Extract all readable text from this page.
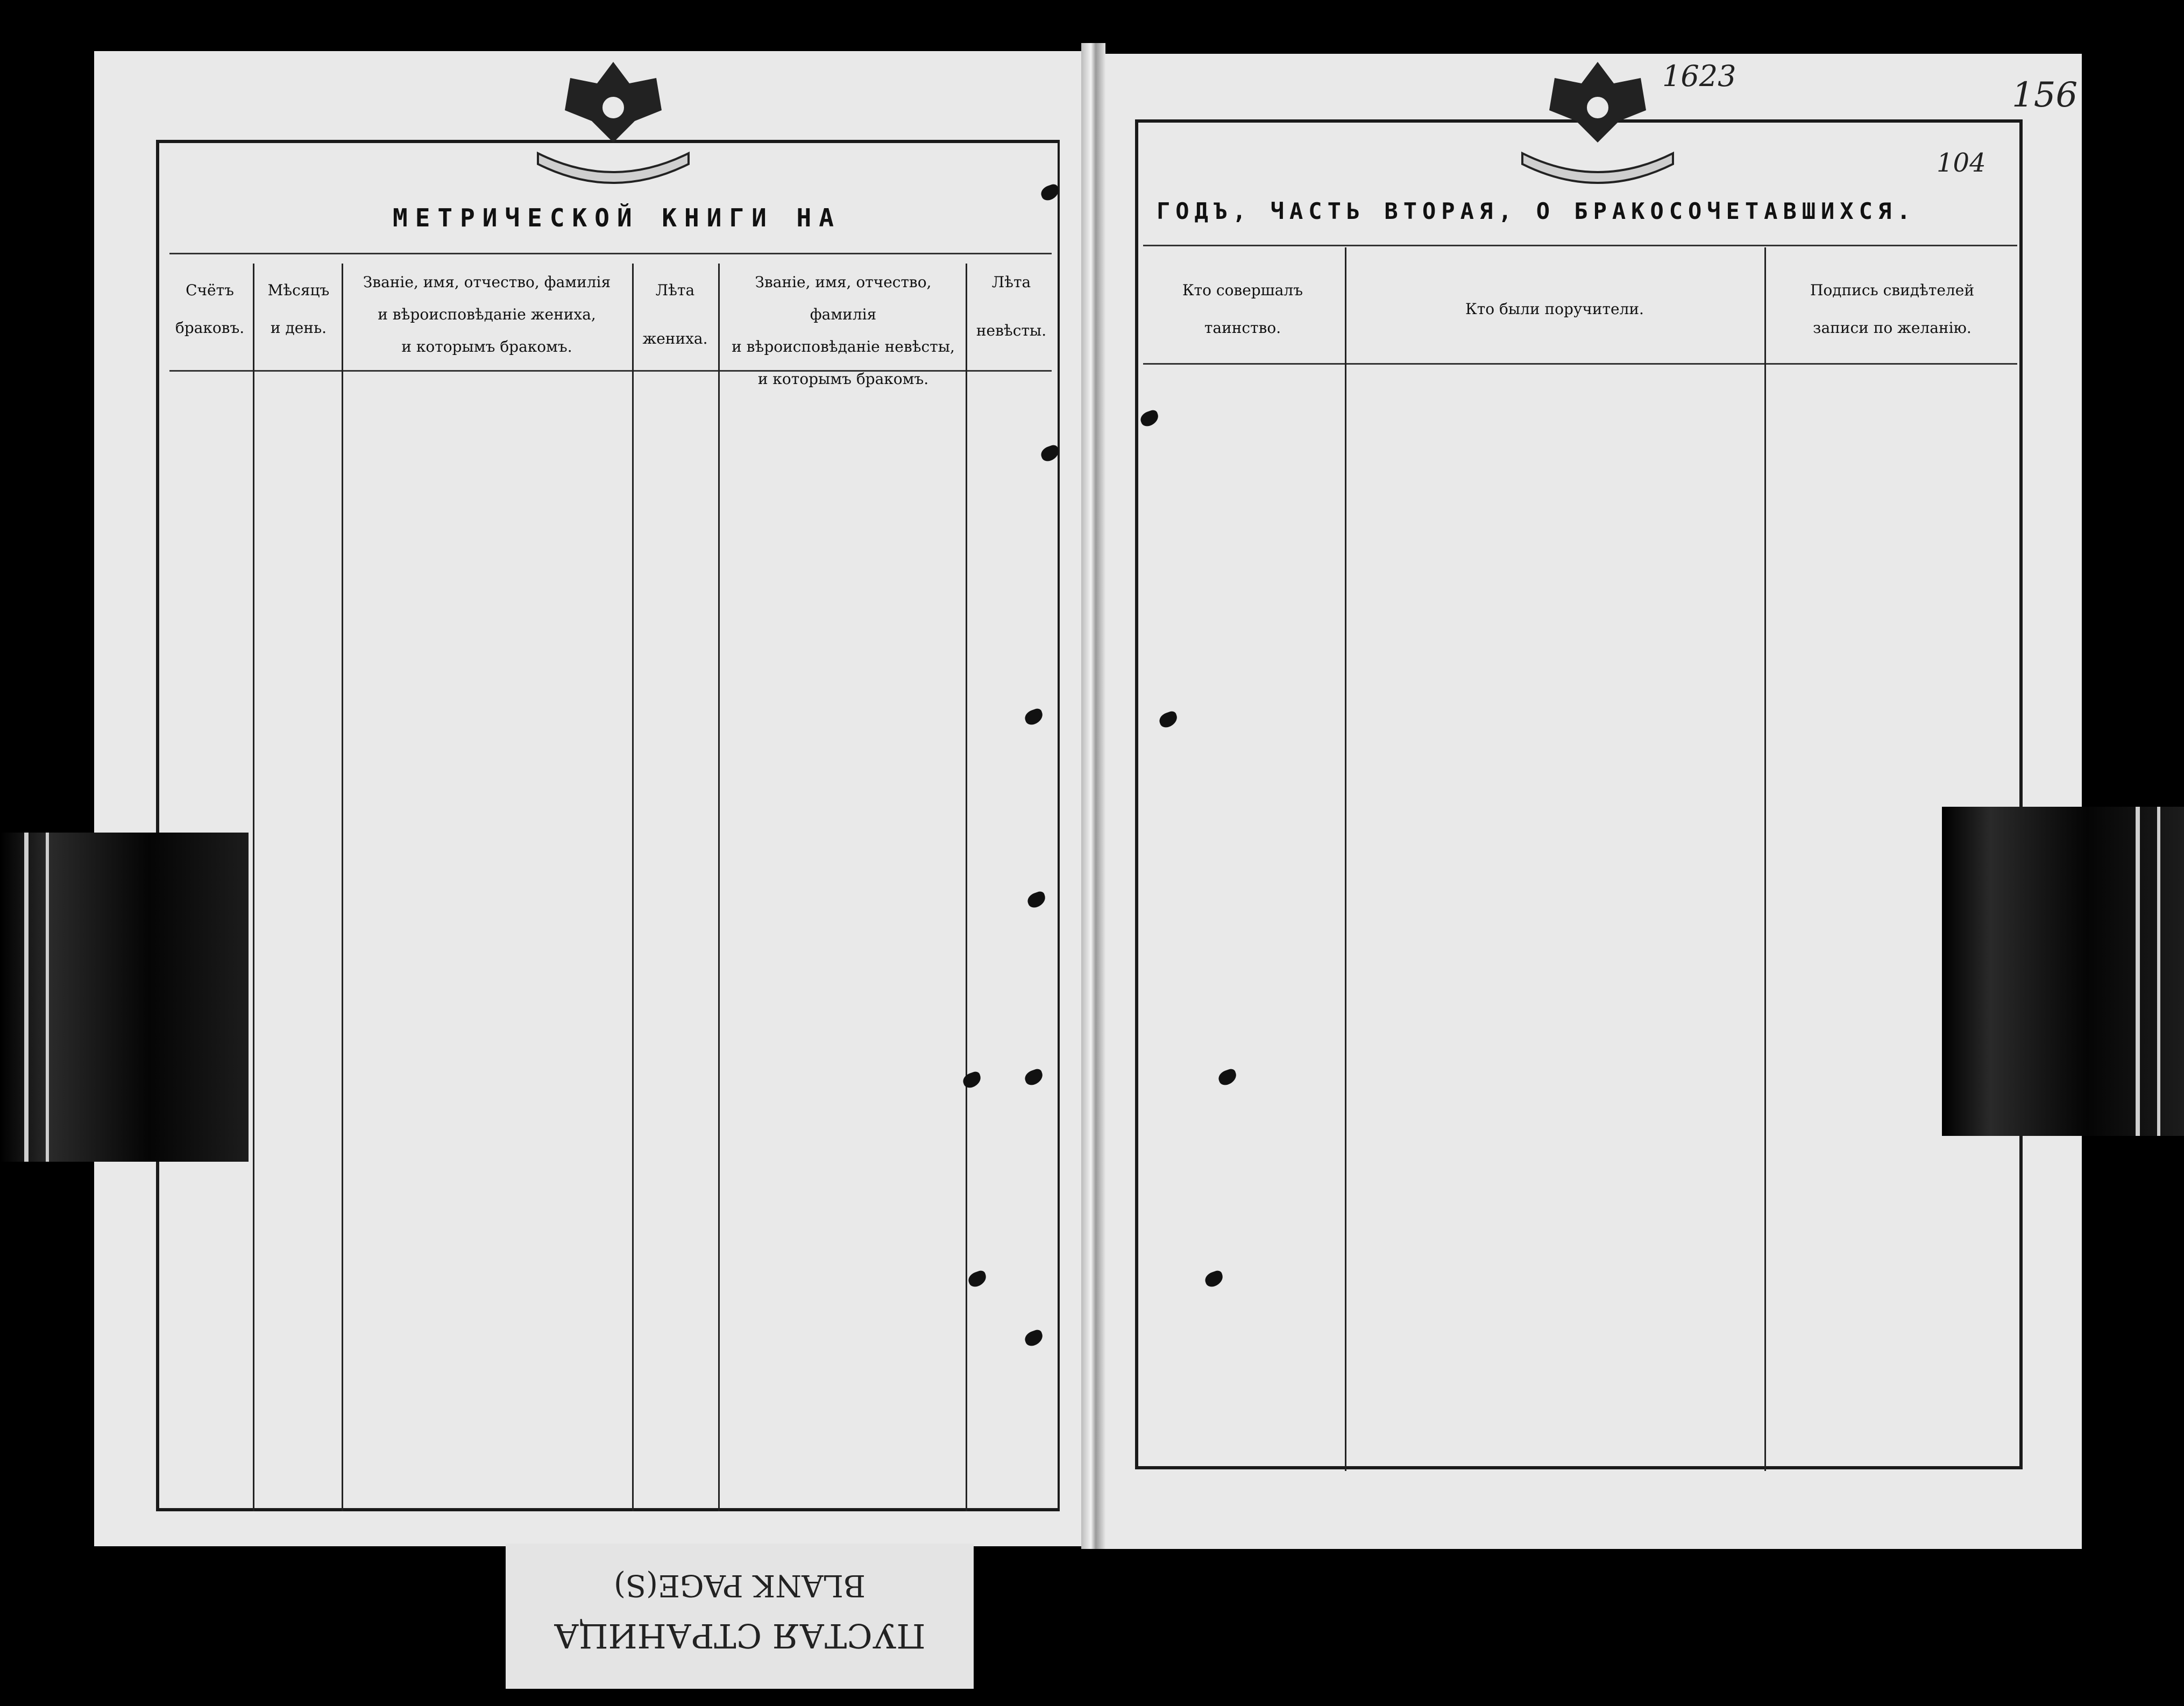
МЕТРИЧЕСКОЙ КНИГИ НА	ГОДЪ, ЧАСТЬ ВТОРАЯ, О БРАКОСОЧЕТАВШИХСЯ.
Счётъ
браковъ.
Мѣсяцъ
и день.
Званіе, имя, отчество, фамилія
и вѣроисповѣданіе жениха,
и которымъ бракомъ.
Лѣта
жениха.
Званіе, имя, отчество, фамилія
и вѣроисповѣданіе невѣсты,
и которымъ бракомъ.
Лѣта
невѣсты.
Кто совершалъ
таинство.
Кто были поручители.
Подпись свидѣтелей
записи по желанію.
1623	156
104
BLANK PAGE(S)
ПУСТАЯ СТРАНИЦА
